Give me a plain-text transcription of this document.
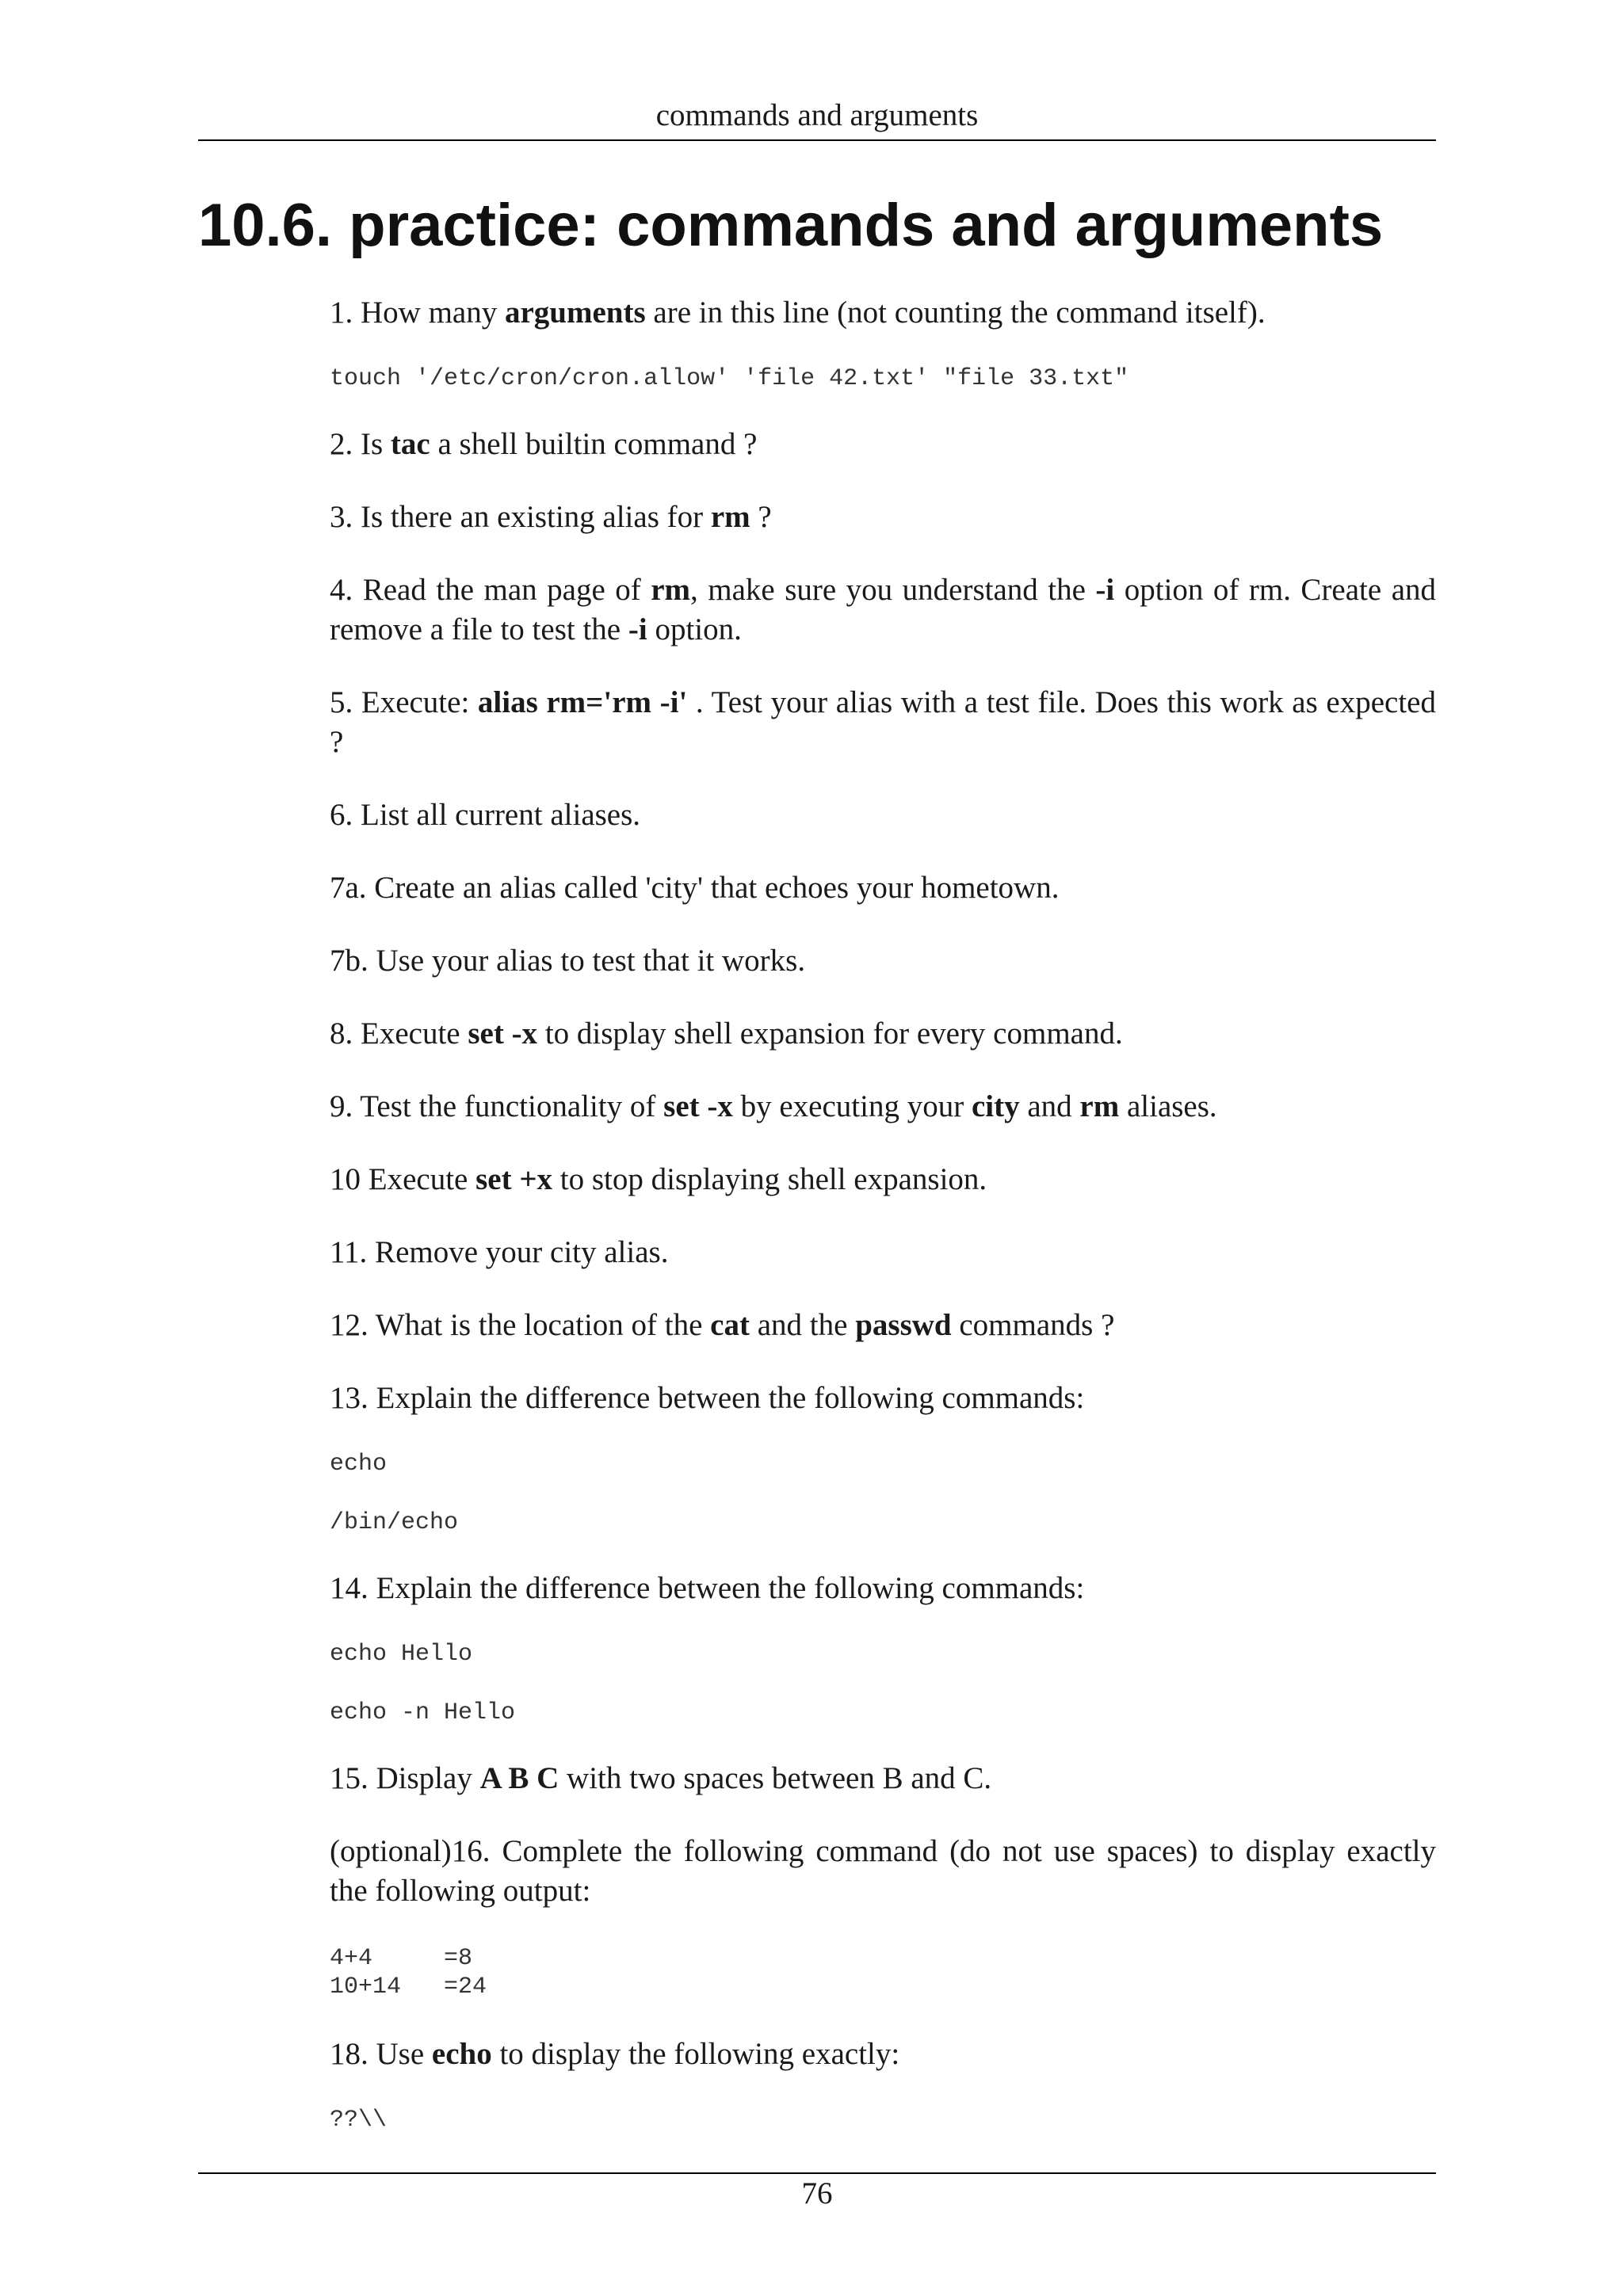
commands and arguments
10.6. practice: commands and arguments

1. How many arguments are in this line (not counting the command itself).

touch '/etc/cron/cron.allow' 'file 42.txt' "file 33.txt"

2. Is tac a shell builtin command ?

3. Is there an existing alias for rm ?

4. Read the man page of rm, make sure you understand the -i option of rm. Create and remove a file to test the -i option.

5. Execute: alias rm='rm -i' . Test your alias with a test file. Does this work as expected ?

6. List all current aliases.

7a. Create an alias called 'city' that echoes your hometown.

7b. Use your alias to test that it works.

8. Execute set -x to display shell expansion for every command.

9. Test the functionality of set -x by executing your city and rm aliases.

10 Execute set +x to stop displaying shell expansion.

11. Remove your city alias.

12. What is the location of the cat and the passwd commands ?

13. Explain the difference between the following commands:

echo
/bin/echo

14. Explain the difference between the following commands:

echo Hello
echo -n Hello

15. Display A B C with two spaces between B and C.

(optional)16. Complete the following command (do not use spaces) to display exactly the following output:

4+4     =8
10+14   =24

18. Use echo to display the following exactly:

??\\
76
